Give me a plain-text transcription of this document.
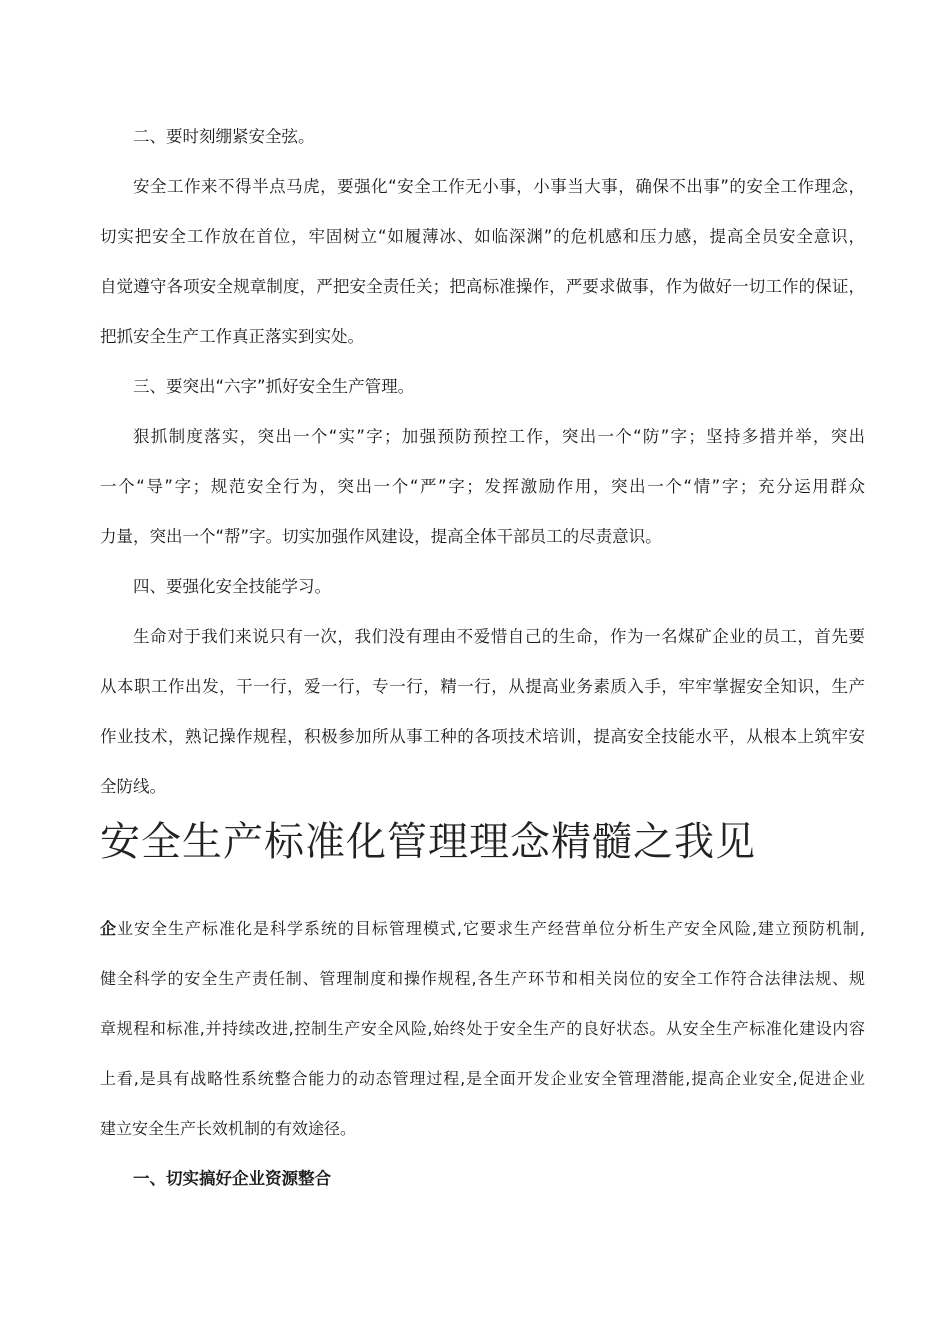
二、要时刻绷紧安全弦。
安全工作来不得半点马虎，要强化“安全工作无小事，小事当大事，确保不出事”的安全工作理念，
切实把安全工作放在首位，牢固树立“如履薄冰、如临深渊”的危机感和压力感，提高全员安全意识，
自觉遵守各项安全规章制度，严把安全责任关；把高标准操作，严要求做事，作为做好一切工作的保证，
把抓安全生产工作真正落实到实处。
三、要突出“六字”抓好安全生产管理。
狠抓制度落实，突出一个“实”字；加强预防预控工作，突出一个“防”字；坚持多措并举，突出
一个“导”字；规范安全行为，突出一个“严”字；发挥激励作用，突出一个“情”字；充分运用群众
力量，突出一个“帮”字。切实加强作风建设，提高全体干部员工的尽责意识。
四、要强化安全技能学习。
生命对于我们来说只有一次，我们没有理由不爱惜自己的生命，作为一名煤矿企业的员工，首先要
从本职工作出发，干一行，爱一行，专一行，精一行，从提高业务素质入手，牢牢掌握安全知识，生产
作业技术，熟记操作规程，积极参加所从事工种的各项技术培训，提高安全技能水平，从根本上筑牢安
全防线。
安全生产标准化管理理念精髓之我见
企业安全生产标准化是科学系统的目标管理模式,它要求生产经营单位分析生产安全风险,建立预防机制,
健全科学的安全生产责任制、管理制度和操作规程,各生产环节和相关岗位的安全工作符合法律法规、规
章规程和标准,并持续改进,控制生产安全风险,始终处于安全生产的良好状态。从安全生产标准化建设内容
上看,是具有战略性系统整合能力的动态管理过程,是全面开发企业安全管理潜能,提高企业安全,促进企业
建立安全生产长效机制的有效途径。
一、切实搞好企业资源整合
